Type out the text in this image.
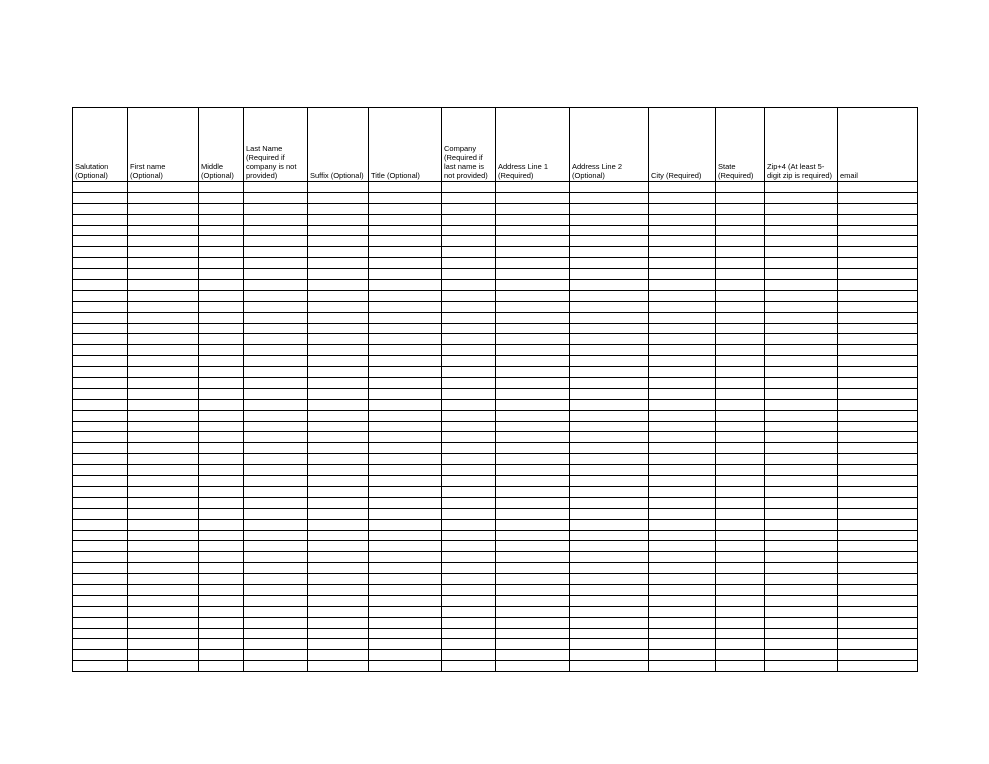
Salutation (Optional)	First name (Optional)	Middle (Optional)	Last Name (Required if company is not provided)	Suffix (Optional)	Title (Optional)	Company (Required if last name is not provided)	Address Line 1 (Required)	Address Line 2 (Optional)	City (Required)	State (Required)	Zip+4 (At least 5-digit zip is required)	email
